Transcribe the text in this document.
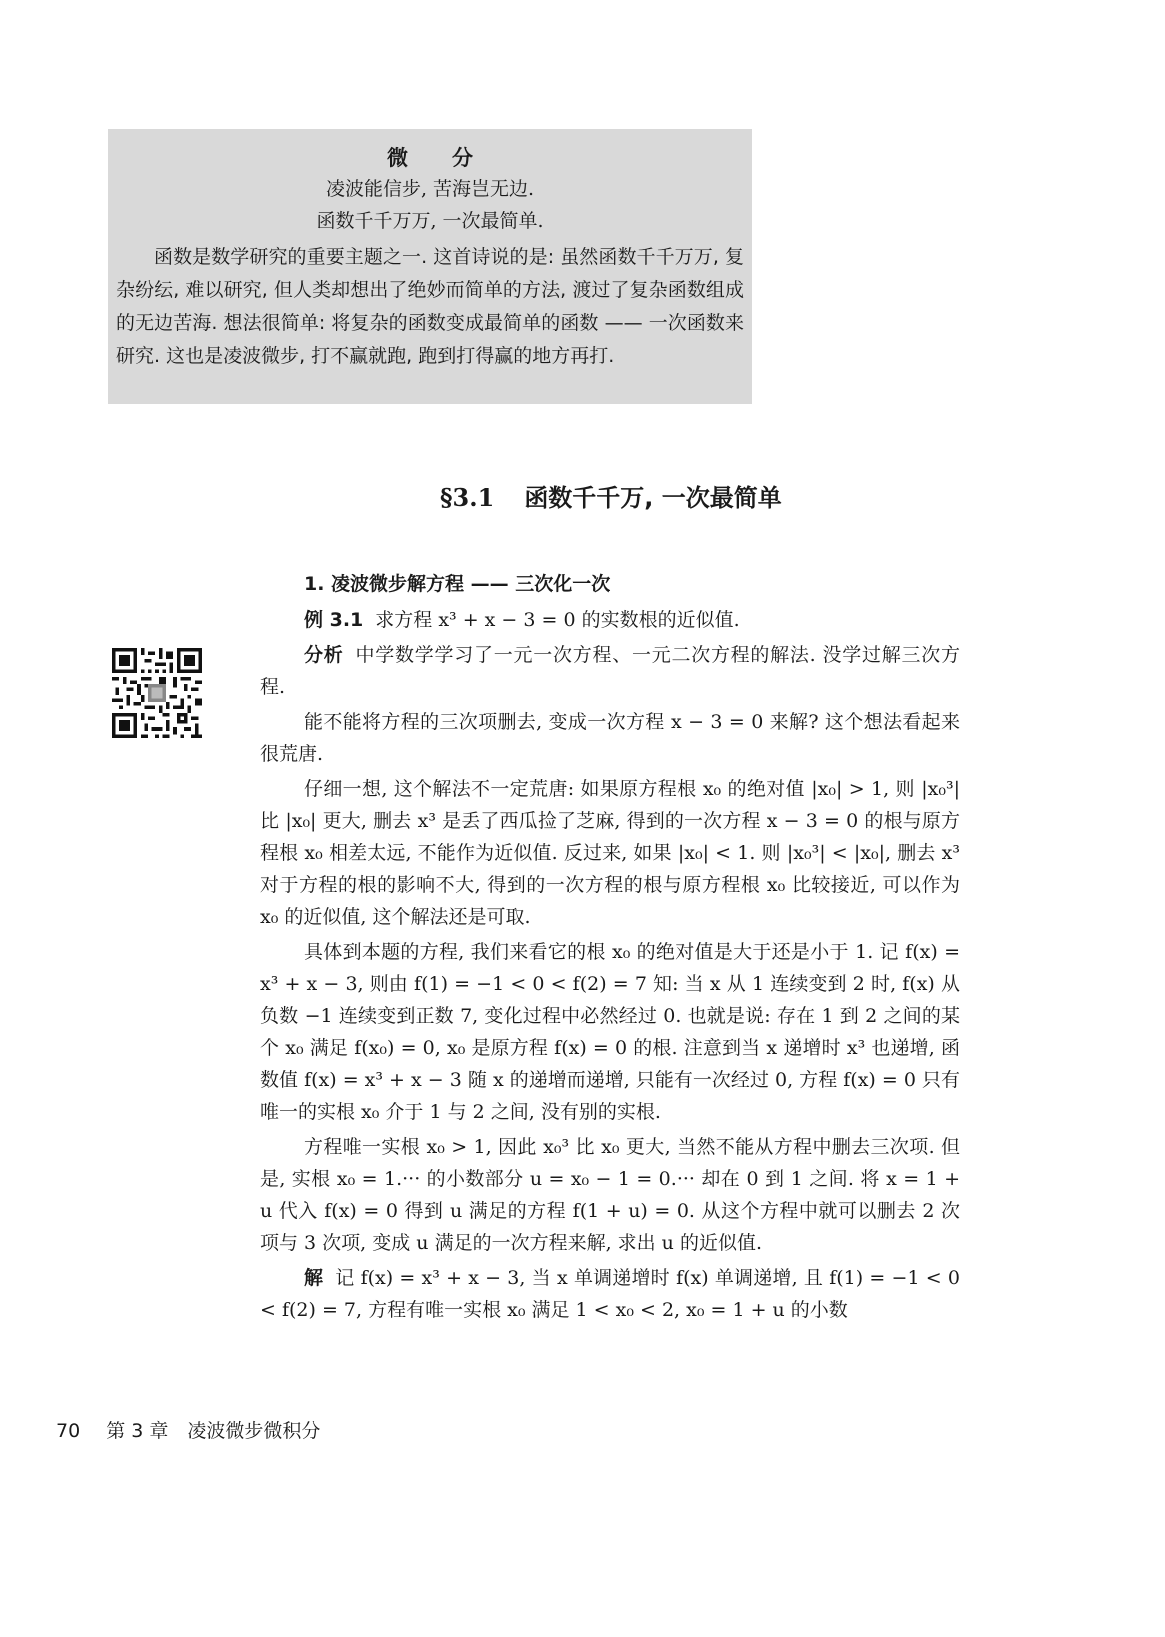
微分
凌波能信步, 苦海岂无边.
函数千千万万, 一次最简单.

函数是数学研究的重要主题之一. 这首诗说的是: 虽然函数千千万万, 复杂纷纭, 难以研究, 但人类却想出了绝妙而简单的方法, 渡过了复杂函数组成的无边苦海. 想法很简单: 将复杂的函数变成最简单的函数 —— 一次函数来研究. 这也是凌波微步, 打不赢就跑, 跑到打得赢的地方再打.

§3.1 函数千千万, 一次最简单
1. 凌波微步解方程 —— 三次化一次

例 3.1 求方程 x³ + x − 3 = 0 的实数根的近似值.

分析 中学数学学习了一元一次方程、一元二次方程的解法. 没学过解三次方程.

能不能将方程的三次项删去, 变成一次方程 x − 3 = 0 来解? 这个想法看起来很荒唐.

仔细一想, 这个解法不一定荒唐: 如果原方程根 x₀ 的绝对值 |x₀| > 1, 则 |x₀³| 比 |x₀| 更大, 删去 x³ 是丢了西瓜捡了芝麻, 得到的一次方程 x − 3 = 0 的根与原方程根 x₀ 相差太远, 不能作为近似值. 反过来, 如果 |x₀| < 1. 则 |x₀³| < |x₀|, 删去 x³ 对于方程的根的影响不大, 得到的一次方程的根与原方程根 x₀ 比较接近, 可以作为 x₀ 的近似值, 这个解法还是可取.

具体到本题的方程, 我们来看它的根 x₀ 的绝对值是大于还是小于 1. 记 f(x) = x³ + x − 3, 则由 f(1) = −1 < 0 < f(2) = 7 知: 当 x 从 1 连续变到 2 时, f(x) 从负数 −1 连续变到正数 7, 变化过程中必然经过 0. 也就是说: 存在 1 到 2 之间的某个 x₀ 满足 f(x₀) = 0, x₀ 是原方程 f(x) = 0 的根. 注意到当 x 递增时 x³ 也递增, 函数值 f(x) = x³ + x − 3 随 x 的递增而递增, 只能有一次经过 0, 方程 f(x) = 0 只有唯一的实根 x₀ 介于 1 与 2 之间, 没有别的实根.

方程唯一实根 x₀ > 1, 因此 x₀³ 比 x₀ 更大, 当然不能从方程中删去三次项. 但是, 实根 x₀ = 1.··· 的小数部分 u = x₀ − 1 = 0.··· 却在 0 到 1 之间. 将 x = 1 + u 代入 f(x) = 0 得到 u 满足的方程 f(1 + u) = 0. 从这个方程中就可以删去 2 次项与 3 次项, 变成 u 满足的一次方程来解, 求出 u 的近似值.

解 记 f(x) = x³ + x − 3, 当 x 单调递增时 f(x) 单调递增, 且 f(1) = −1 < 0 < f(2) = 7, 方程有唯一实根 x₀ 满足 1 < x₀ < 2, x₀ = 1 + u 的小数

70 第 3 章　凌波微步微积分
